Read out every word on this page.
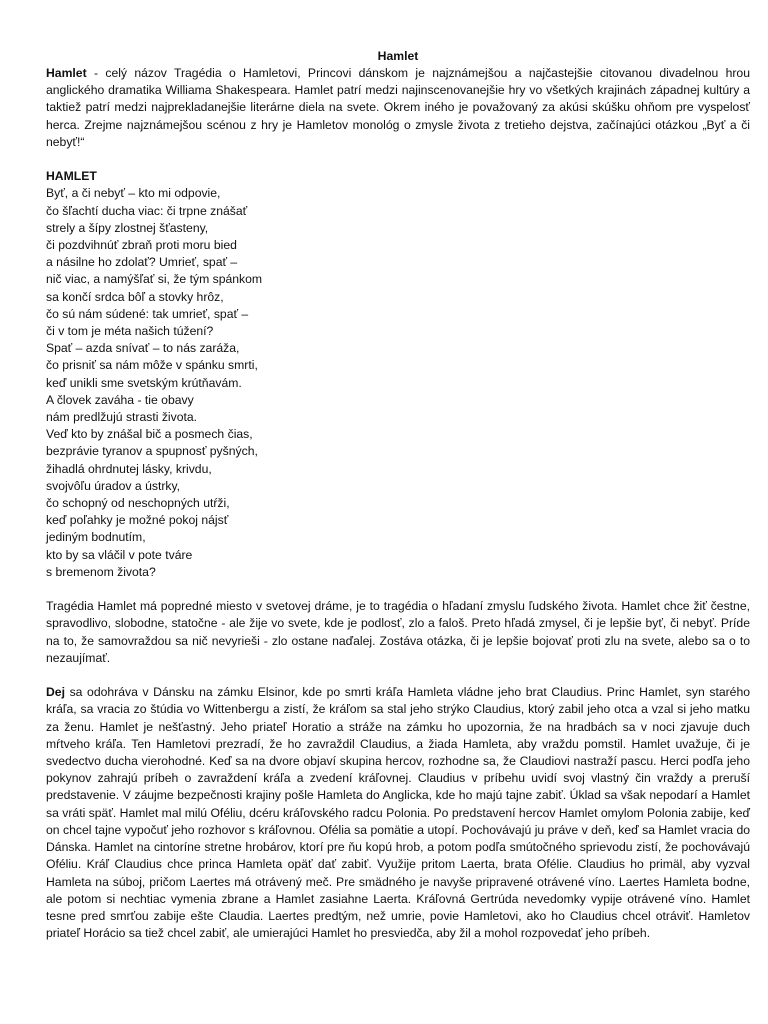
Hamlet

Hamlet - celý názov Tragédia o Hamletovi, Princovi dánskom je najznámejšou a najčastejšie citovanou divadelnou hrou anglického dramatika Williama Shakespeara. Hamlet patrí medzi najinscenovanejšie hry vo všetkých krajinách západnej kultúry a taktiež patrí medzi najprekladanejšie literárne diela na svete. Okrem iného je považovaný za akúsi skúšku ohňom pre vyspelosť herca. Zrejme najznámejšou scénou z hry je Hamletov monológ o zmysle života z tretieho dejstva, začínajúci otázkou „Byť a či nebyť!“

HAMLET

Byť, a či nebyť – kto mi odpovie,
čo šľachtí ducha viac: či trpne znášať
strely a šípy zlostnej šťasteny,
či pozdvihnúť zbraň proti moru bied
a násilne ho zdolať? Umrieť, spať –
nič viac, a namýšľať si, že tým spánkom
sa končí srdca bôľ a stovky hrôz,
čo sú nám súdené: tak umrieť, spať –
či v tom je méta našich túžení?
Spať – azda snívať – to nás zaráža,
čo prisniť sa nám môže v spánku smrti,
keď unikli sme svetským krútňavám.
A človek zaváha - tie obavy
nám predlžujú strasti života.
Veď kto by znášal bič a posmech čias,
bezprávie tyranov a spupnosť pyšných,
žihadlá ohrdnutej lásky, krivdu,
svojvôľu úradov a ústrky,
čo schopný od neschopných utŕži,
keď poľahky je možné pokoj nájsť
jediným bodnutím,
kto by sa vláčil v pote tváre
s bremenom života?

Tragédia Hamlet má popredné miesto v svetovej dráme, je to tragédia o hľadaní zmyslu ľudského života. Hamlet chce žiť čestne, spravodlivo, slobodne, statočne - ale žije vo svete, kde je podlosť, zlo a faloš. Preto hľadá zmysel, či je lepšie byť, či nebyť. Príde na to, že samovraždou sa nič nevyrieši - zlo ostane naďalej. Zostáva otázka, či je lepšie bojovať proti zlu na svete, alebo sa o to nezaujímať.

Dej sa odohráva v Dánsku na zámku Elsinor, kde po smrti kráľa Hamleta vládne jeho brat Claudius. Princ Hamlet, syn starého kráľa, sa vracia zo štúdia vo Wittenbergu a zistí, že kráľom sa stal jeho strýko Claudius, ktorý zabil jeho otca a vzal si jeho matku za ženu. Hamlet je nešťastný. Jeho priateľ Horatio a stráže na zámku ho upozornia, že na hradbách sa v noci zjavuje duch mŕtveho kráľa. Ten Hamletovi prezradí, že ho zavraždil Claudius, a žiada Hamleta, aby vraždu pomstil. Hamlet uvažuje, či je svedectvo ducha vierohodné. Keď sa na dvore objaví skupina hercov, rozhodne sa, že Claudiovi nastraží pascu. Herci podľa jeho pokynov zahrajú príbeh o zavraždení kráľa a zvedení kráľovnej. Claudius v príbehu uvidí svoj vlastný čin vraždy a preruší predstavenie. V záujme bezpečnosti krajiny pošle Hamleta do Anglicka, kde ho majú tajne zabiť. Úklad sa však nepodarí a Hamlet sa vráti späť. Hamlet mal milú Oféliu, dcéru kráľovského radcu Polonia. Po predstavení hercov Hamlet omylom Polonia zabije, keď on chcel tajne vypočuť jeho rozhovor s kráľovnou. Ofélia sa pomätie a utopí. Pochovávajú ju práve v deň, keď sa Hamlet vracia do Dánska. Hamlet na cintoríne stretne hrobárov, ktorí pre ňu kopú hrob, a potom podľa smútočného sprievodu zistí, že pochovávajú Oféliu. Kráľ Claudius chce princa Hamleta opäť dať zabiť. Využije pritom Laerta, brata Ofélie. Claudius ho primäl, aby vyzval Hamleta na súboj, pričom Laertes má otrávený meč. Pre smädného je navyše pripravené otrávené víno. Laertes Hamleta bodne, ale potom si nechtiac vymenia zbrane a Hamlet zasiahne Laerta. Kráľovná Gertrúda nevedomky vypije otrávené víno. Hamlet tesne pred smrťou zabije ešte Claudia. Laertes predtým, než umrie, povie Hamletovi, ako ho Claudius chcel otráviť. Hamletov priateľ Horácio sa tiež chcel zabiť, ale umierajúci Hamlet ho presviedča, aby žil a mohol rozpovedať jeho príbeh.
